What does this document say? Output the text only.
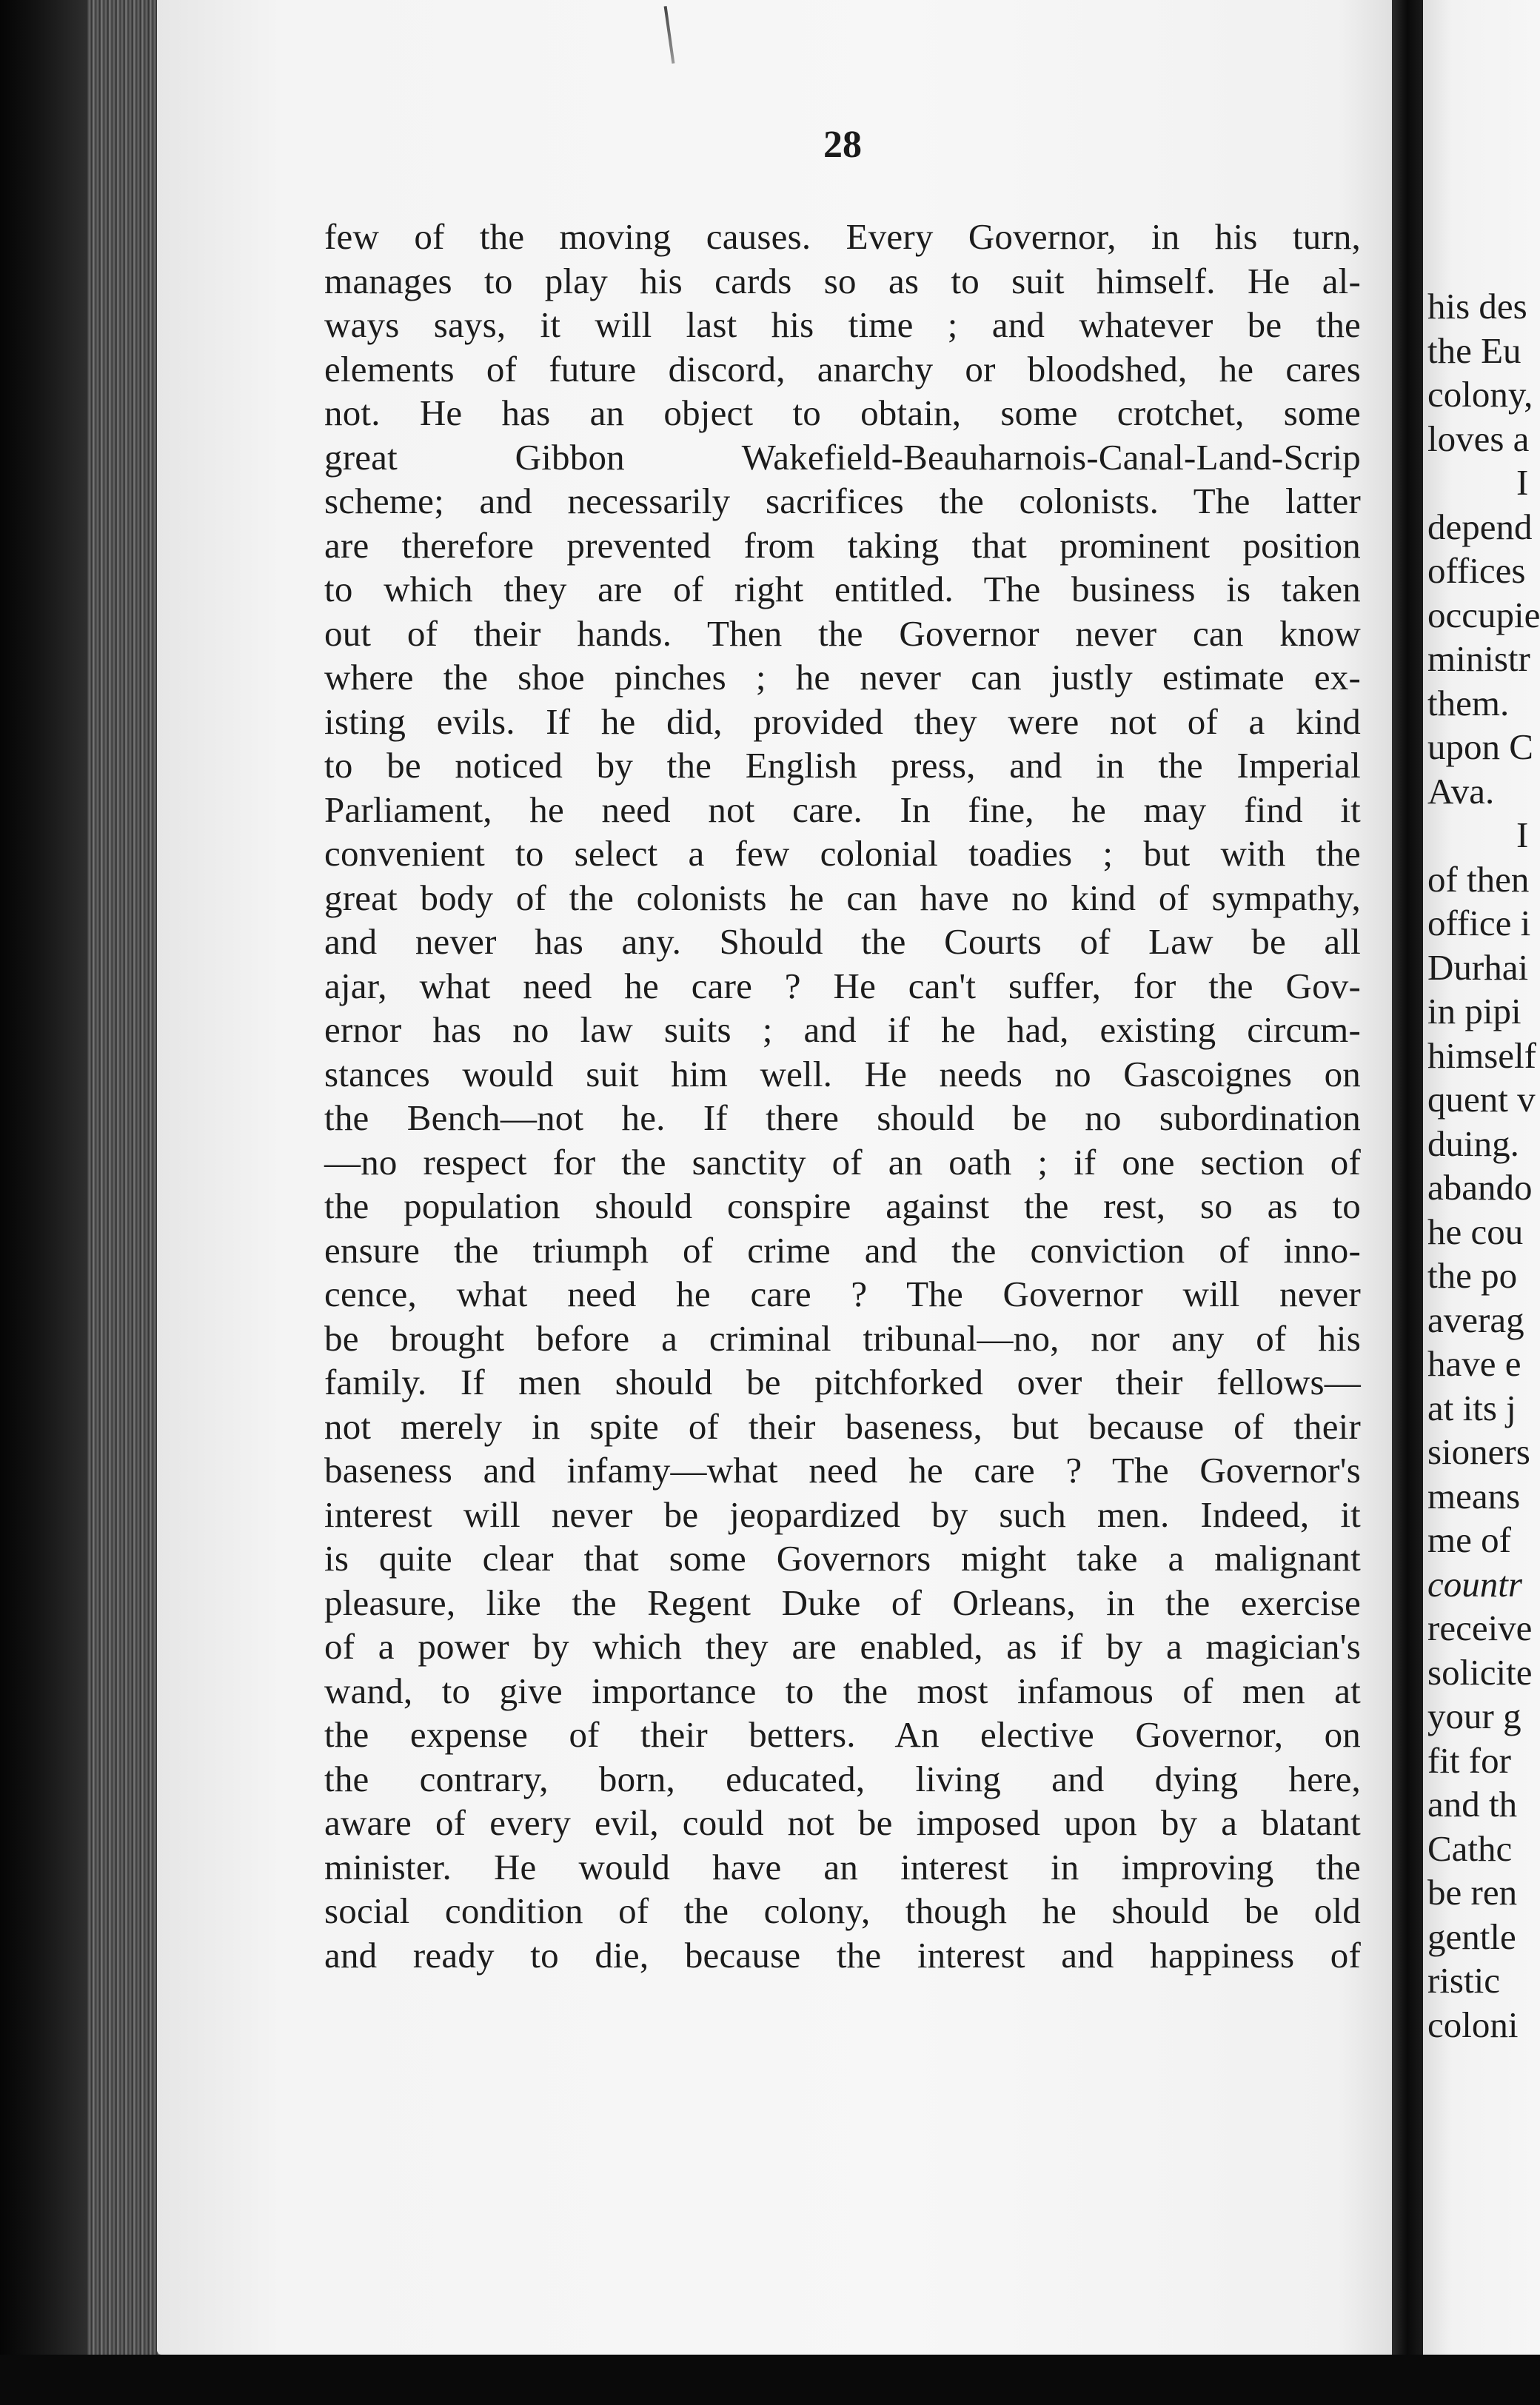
28
few of the moving causes. Every Governor, in his turn,
manages to play his cards so as to suit himself. He al-
ways says, it will last his time ; and whatever be the
elements of future discord, anarchy or bloodshed, he cares
not. He has an object to obtain, some crotchet, some
great Gibbon Wakefield-Beauharnois-Canal-Land-Scrip
scheme; and necessarily sacrifices the colonists. The latter
are therefore prevented from taking that prominent position
to which they are of right entitled. The business is taken
out of their hands. Then the Governor never can know
where the shoe pinches ; he never can justly estimate ex-
isting evils. If he did, provided they were not of a kind
to be noticed by the English press, and in the Imperial
Parliament, he need not care. In fine, he may find it
convenient to select a few colonial toadies ; but with the
great body of the colonists he can have no kind of sympathy,
and never has any. Should the Courts of Law be all
ajar, what need he care ? He can't suffer, for the Gov-
ernor has no law suits ; and if he had, existing circum-
stances would suit him well. He needs no Gascoignes on
the Bench—not he. If there should be no subordination
—no respect for the sanctity of an oath ; if one section of
the population should conspire against the rest, so as to
ensure the triumph of crime and the conviction of inno-
cence, what need he care ? The Governor will never
be brought before a criminal tribunal—no, nor any of his
family. If men should be pitchforked over their fellows—
not merely in spite of their baseness, but because of their
baseness and infamy—what need he care ? The Governor's
interest will never be jeopardized by such men. Indeed, it
is quite clear that some Governors might take a malignant
pleasure, like the Regent Duke of Orleans, in the exercise
of a power by which they are enabled, as if by a magician's
wand, to give importance to the most infamous of men at
the expense of their betters. An elective Governor, on
the contrary, born, educated, living and dying here,
aware of every evil, could not be imposed upon by a blatant
minister. He would have an interest in improving the
social condition of the colony, though he should be old
and ready to die, because the interest and happiness of
his des
the Eu
colony,
loves a
I
depend
offices
occupie
ministr
them.
upon C
Ava.
I
of then
office i
Durhai
in pipi
himself
quent v
duing.
abando
he cou
the po
averag
have e
at its j
sioners
means
me of
countr
receive
solicite
your g
fit for
and th
Cathc
be ren
gentle
ristic
coloni
